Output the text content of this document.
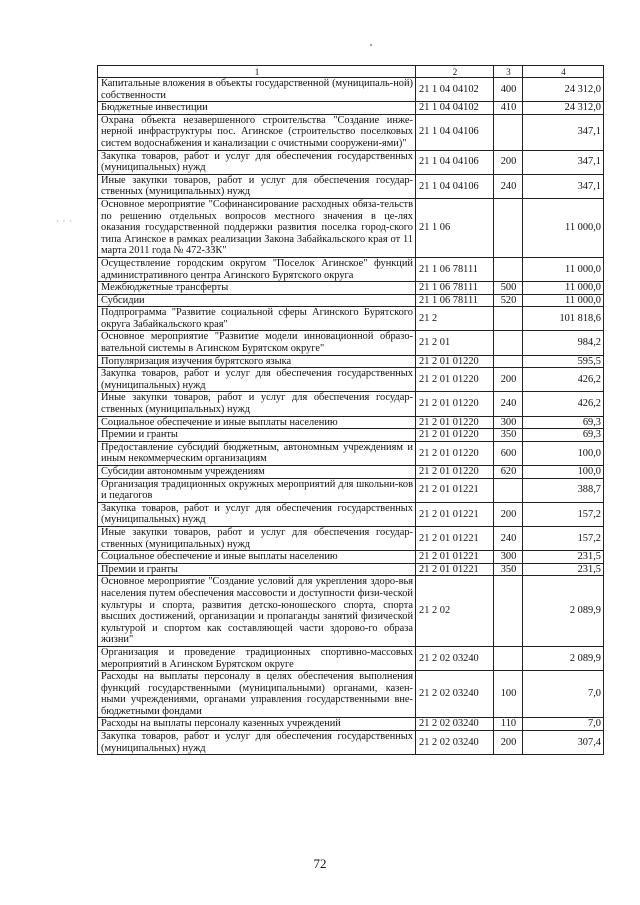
· · ·
1	2	3	4
Капитальные вложения в объекты государственной (муниципаль-ной) собственности	21 1 04 04102	400	24 312,0
Бюджетные инвестиции	21 1 04 04102	410	24 312,0
Охрана объекта незавершенного строительства "Создание инже-нерной инфраструктуры пос. Агинское (строительство поселковых систем водоснабжения и канализации с очистными сооружени-ями)"	21 1 04 04106		347,1
Закупка товаров, работ и услуг для обеспечения государственных (муниципальных) нужд	21 1 04 04106	200	347,1
Иные закупки товаров, работ и услуг для обеспечения государ-ственных (муниципальных) нужд	21 1 04 04106	240	347,1
Основное мероприятие "Софинансирование расходных обяза-тельств по решению отдельных вопросов местного значения в це-лях оказания государственной поддержки развития поселка город-ского типа Агинское в рамках реализации Закона Забайкальского края от 11 марта 2011 года № 472-ЗЗК"	21 1 06		11 000,0
Осуществление городским округом "Поселок Агинское" функций административного центра Агинского Бурятского округа	21 1 06 78111		11 000,0
Межбюджетные трансферты	21 1 06 78111	500	11 000,0
Субсидии	21 1 06 78111	520	11 000,0
Подпрограмма "Развитие социальной сферы Агинского Бурятского округа Забайкальского края"	21 2		101 818,6
Основное мероприятие "Развитие модели инновационной образо-вательной системы в Агинском Бурятском округе"	21 2 01		984,2
Популяризация изучения бурятского языка	21 2 01 01220		595,5
Закупка товаров, работ и услуг для обеспечения государственных (муниципальных) нужд	21 2 01 01220	200	426,2
Иные закупки товаров, работ и услуг для обеспечения государ-ственных (муниципальных) нужд	21 2 01 01220	240	426,2
Социальное обеспечение и иные выплаты населению	21 2 01 01220	300	69,3
Премии и гранты	21 2 01 01220	350	69,3
Предоставление субсидий бюджетным, автономным учреждениям и иным некоммерческим организациям	21 2 01 01220	600	100,0
Субсидии автономным учреждениям	21 2 01 01220	620	100,0
Организация традиционных окружных мероприятий для школьни-ков и педагогов	21 2 01 01221		388,7
Закупка товаров, работ и услуг для обеспечения государственных (муниципальных) нужд	21 2 01 01221	200	157,2
Иные закупки товаров, работ и услуг для обеспечения государ-ственных (муниципальных) нужд	21 2 01 01221	240	157,2
Социальное обеспечение и иные выплаты населению	21 2 01 01221	300	231,5
Премии и гранты	21 2 01 01221	350	231,5
Основное мероприятие "Создание условий для укрепления здоро-вья населения путем обеспечения массовости и доступности физи-ческой культуры и спорта, развития детско-юношеского спорта, спорта высших достижений, организации и пропаганды занятий физической культурой и спортом как составляющей части здорово-го образа жизни"	21 2 02		2 089,9
Организация и проведение традиционных спортивно-массовых мероприятий в Агинском Бурятском округе	21 2 02 03240		2 089,9
Расходы на выплаты персоналу в целях обеспечения выполнения функций государственными (муниципальными) органами, казен-ными учреждениями, органами управления государственными вне-бюджетными фондами	21 2 02 03240	100	7,0
Расходы на выплаты персоналу казенных учреждений	21 2 02 03240	110	7,0
Закупка товаров, работ и услуг для обеспечения государственных (муниципальных) нужд	21 2 02 03240	200	307,4
72
